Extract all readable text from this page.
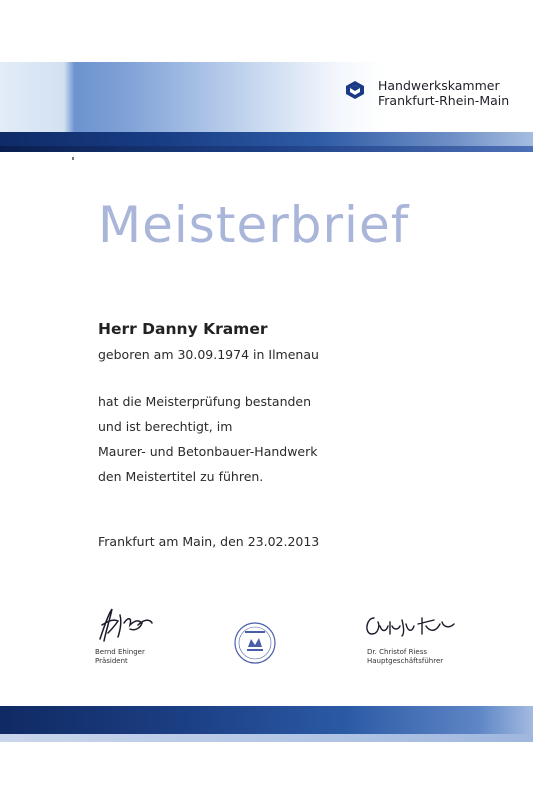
Handwerkskammer
Frankfurt-Rhein-Main
Meisterbrief
Herr Danny Kramer
geboren am 30.09.1974 in Ilmenau
hat die Meisterprüfung bestanden
und ist berechtigt, im
Maurer- und Betonbauer-Handwerk
den Meistertitel zu führen.
Frankfurt am Main, den 23.02.2013
Bernd Ehinger
Präsident
Dr. Christof Riess
Hauptgeschäftsführer
